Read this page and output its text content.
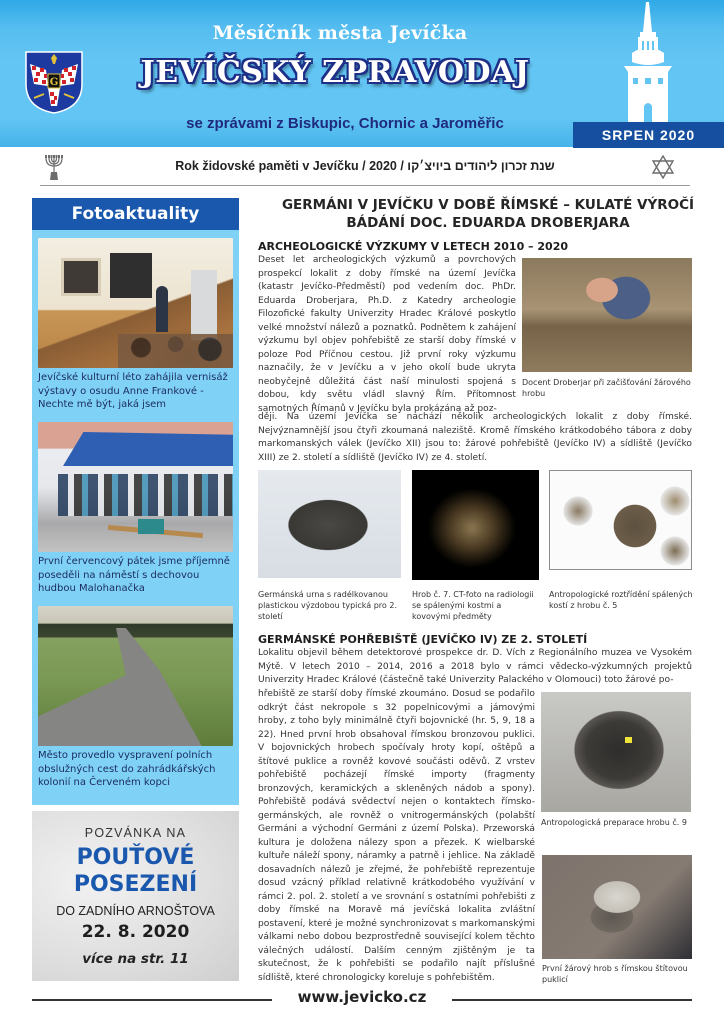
G
Měsíčník města Jevíčka
JEVÍČSKÝ ZPRAVODAJ
se zprávami z Biskupic, Chornic a Jaroměřic
SRPEN 2020
Rok židovské paměti v Jevíčku / 2020 / שנת זכרון ליהודים ביויצ׳קו
Fotoaktuality
Jevíčské kulturní léto zahájila vernisáž výstavy o osudu Anne Frankové - Nechte mě být, jaká jsem
První červencový pátek jsme příjemně poseděli na náměstí s dechovou hudbou Malohanačka
Město provedlo vyspravení polních obslužných cest do zahrádkářských kolonií na Červeném kopci
POZVÁNKA NA
POUŤOVÉ
POSEZENÍ
DO ZADNÍHO ARNOŠTOVA
22. 8. 2020
více na str. 11
GERMÁNI V JEVÍČKU V DOBĚ ŘÍMSKÉ – KULATÉ VÝROČÍ
BÁDÁNÍ DOC. EDUARDA DROBERJARA
ARCHEOLOGICKÉ VÝZKUMY V LETECH 2010 – 2020

Deset let archeologických výzkumů a povrchových prospekcí lokalit z doby římské na území Jevíčka (katastr Jevíčko-Předměstí) pod vedením doc. PhDr. Eduarda Droberjara, Ph.D. z Katedry archeologie Filozofické fakulty Univerzity Hradec Králové poskytlo velké množství nálezů a poznatků. Podnětem k zahájení výzkumu byl objev pohřebiště ze starší doby římské v poloze Pod Příčnou cestou. Již první roky výzkumu naznačily, že v Jevíčku a v jeho okolí bude ukryta neobyčejně důležitá část naší minulosti spojená s dobou, kdy světu vládl slavný Řím. Přítomnost samotných Římanů v Jevíčku byla prokázána až poz-

Docent Droberjar při začišťování žárového hrobu

ději. Na území Jevíčka se nachází několik archeologických lokalit z doby římské. Nejvýznamnější jsou čtyři zkoumaná naleziště. Kromě římského krátkodobého tábora z doby markomanských válek (Jevíčko XII) jsou to: žárové pohřebiště (Jevíčko IV) a sídliště (Jevíčko XIII) ze 2. století a sídliště (Jevíčko IV) ze 4. století.

Germánská urna s radélkovanou plastickou výzdobou typická pro 2. století
Hrob č. 7. CT-foto na radiologii se spálenými kostmi a kovovými předměty
Antropologické roztřídění spálených kostí z hrobu č. 5
GERMÁNSKÉ POHŘEBIŠTĚ (JEVÍČKO IV) ZE 2. STOLETÍ

Lokalitu objevil během detektorové prospekce dr. D. Vích z Regionálního muzea ve Vysokém Mýtě. V letech 2010 – 2014, 2016 a 2018 bylo v rámci vědecko-výzkumných projektů Univerzity Hradec Králové (částečně také Univerzity Palackého v Olomouci) toto žárové po-

hřebiště ze starší doby římské zkoumáno. Dosud se podařilo odkrýt část nekropole s 32 popelnicovými a jámovými hroby, z toho byly minimálně čtyři bojovnické (hr. 5, 9, 18 a 22). Hned první hrob obsahoval římskou bronzovou puklici. V bojovnických hrobech spočívaly hroty kopí, oštěpů a štítové puklice a rovněž kovové součásti oděvů. Z vrstev pohřebiště pocházejí římské importy (fragmenty bronzových, keramických a skleněných nádob a spony). Pohřebiště podává svědectví nejen o kontaktech římsko-germánských, ale rovněž o vnitrogermánských (polabští Germáni a východní Germáni z území Polska). Przeworská kultura je doložena nálezy spon a přezek. K wielbarské kultuře náleží spony, náramky a patrně i jehlice. Na základě dosavadních nálezů je zřejmé, že pohřebiště reprezentuje dosud vzácný příklad relativně krátkodobého využívání v rámci 2. pol. 2. století a ve srovnání s ostatními pohřebišti z doby římské na Moravě má jevíčská lokalita zvláštní postavení, které je možné synchronizovat s markomanskými válkami nebo dobou bezprostředně související kolem těchto válečných událostí. Dalším cenným zjištěným je ta skutečnost, že k pohřebišti se podařilo najít příslušné sídliště, které chronologicky koreluje s pohřebištěm.

Antropologická preparace hrobu č. 9
První žárový hrob s římskou štítovou puklicí
www.jevicko.cz
